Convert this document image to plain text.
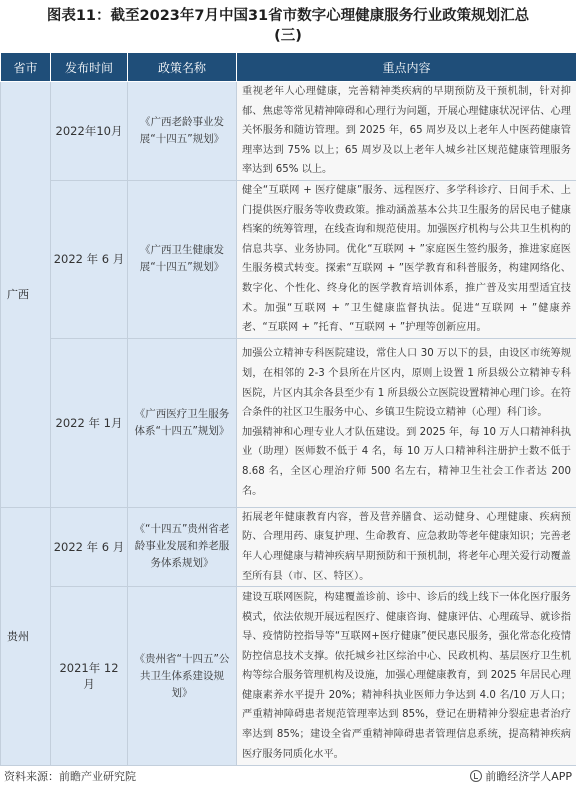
图表11：截至2023年7月中国31省市数字心理健康服务行业政策规划汇总
(三)
省市	发布时间	政策名称	重点内容
广西	2022年10月	《广西老龄事业发展“十四五”规划》	重视老年人心理健康，完善精神类疾病的早期预防及干预机制，针对抑郁、焦虑等常见精神障碍和心理行为问题，开展心理健康状况评估、心理关怀服务和随访管理。到 2025 年，65 周岁及以上老年人中医药健康管理率达到 75% 以上；65 周岁及以上老年人城乡社区规范健康管理服务率达到 65% 以上。
	2022 年 6 月	《广西卫生健康发展“十四五”规划》	健全“互联网 + 医疗健康”服务、远程医疗、多学科诊疗、日间手术、上门提供医疗服务等收费政策。推动涵盖基本公共卫生服务的居民电子健康档案的统筹管理，在线查询和规范使用。加强医疗机构与公共卫生机构的信息共享、业务协同。优化“互联网 + ”家庭医生签约服务，推进家庭医生服务模式转变。探索“互联网 + ”医学教育和科普服务，构建网络化、数字化、个性化、终身化的医学教育培训体系，推广普及实用型适宜技术。加强“互联网 + ”卫生健康监督执法。促进“互联网 + ”健康养老、“互联网 + ”托育、“互联网 + ”护理等创新应用。
	2022 年 1月	《广西医疗卫生服务体系“十四五”规划》	加强公立精神专科医院建设，常住人口 30 万以下的县，由设区市统筹规划，在相邻的 2-3 个县所在片区内，原则上设置 1 所县级公立精神专科医院，片区内其余各县至少有 1 所县级公立医院设置精神心理门诊。在符合条件的社区卫生服务中心、乡镇卫生院设立精神（心理）科门诊。
加强精神和心理专业人才队伍建设。到 2025 年，每 10 万人口精神科执业（助理）医师数不低于 4 名，每 10 万人口精神科注册护士数不低于 8.68 名，全区心理治疗师 500 名左右，精神卫生社会工作者达 200 名。
贵州	2022 年 6 月	《“十四五”贵州省老龄事业发展和养老服务体系规划》	拓展老年健康教育内容，普及营养膳食、运动健身、心理健康、疾病预防、合理用药、康复护理、生命教育、应急救助等老年健康知识；完善老年人心理健康与精神疾病早期预防和干预机制，将老年心理关爱行动覆盖至所有县（市、区、特区）。
	2021年 12 月	《贵州省“十四五”公共卫生体系建设规划》	建设互联网医院，构建覆盖诊前、诊中、诊后的线上线下一体化医疗服务模式，依法依规开展远程医疗、健康咨询、健康评估、心理疏导、就诊指导、疫情防控指导等“互联网+医疗健康”便民惠民服务，强化常态化疫情防控信息技术支撑。依托城乡社区综治中心、民政机构、基层医疗卫生机构等综合服务管理机构及设施，加强心理健康教育，到 2025 年居民心理健康素养水平提升 20%；精神科执业医师力争达到 4.0 名/10 万人口；严重精神障碍患者规范管理率达到 85%，登记在册精神分裂症患者治疗率达到 85%；建设全省严重精神障碍患者管理信息系统，提高精神疾病医疗服务同质化水平。
资料来源：前瞻产业研究院	前瞻经济学人APP
